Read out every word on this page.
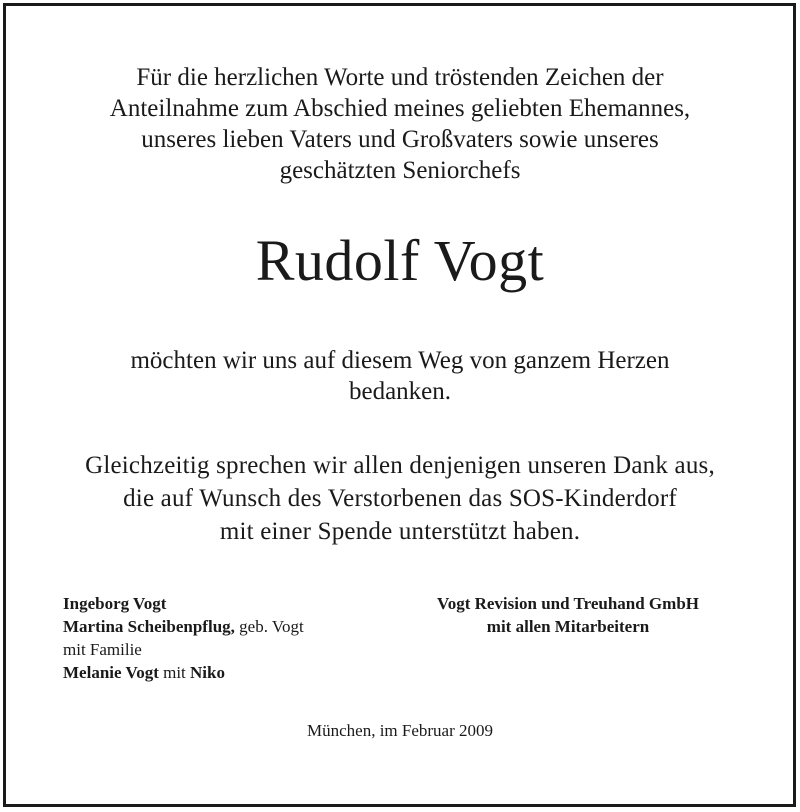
Für die herzlichen Worte und tröstenden Zeichen der
Anteilnahme zum Abschied meines geliebten Ehemannes,
unseres lieben Vaters und Großvaters sowie unseres
geschätzten Seniorchefs
Rudolf Vogt
möchten wir uns auf diesem Weg von ganzem Herzen
bedanken.
Gleichzeitig sprechen wir allen denjenigen unseren Dank aus,
die auf Wunsch des Verstorbenen das SOS-Kinderdorf
mit einer Spende unterstützt haben.
Ingeborg Vogt
Martina Scheibenpflug, geb. Vogt
mit Familie
Melanie Vogt mit Niko
Vogt Revision und Treuhand GmbH
mit allen Mitarbeitern
München, im Februar 2009
